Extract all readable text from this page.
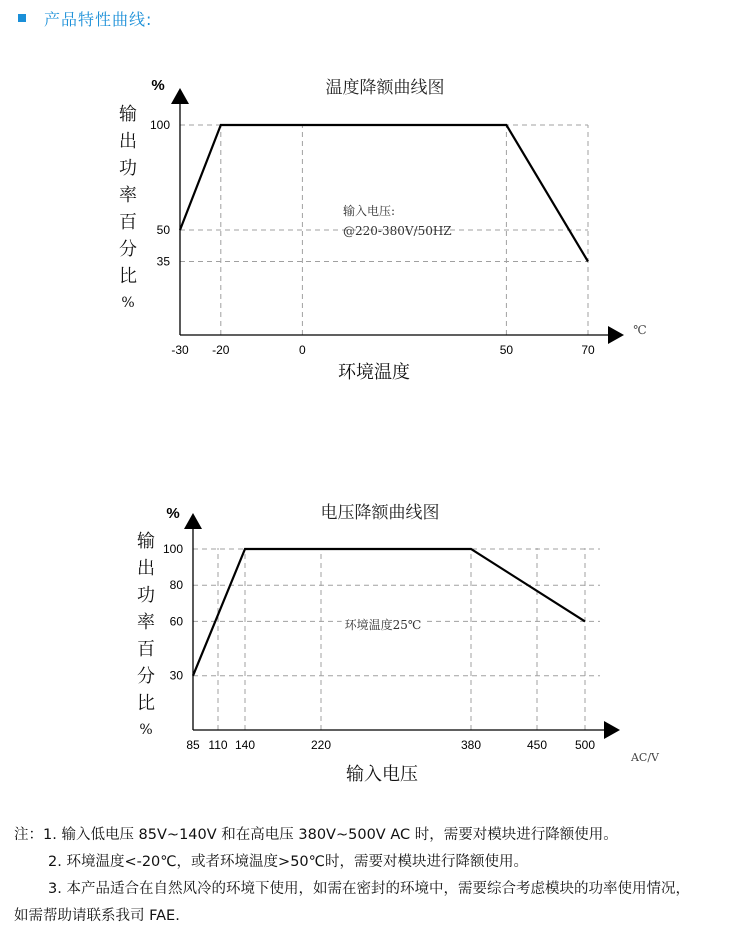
产品特性曲线:
温度降额曲线图
%
100
50
35
-30 -20	0	50	70
℃
输出功率百分比%
环境温度
输入电压:
@220-380V/50HZ
电压降额曲线图
%
100
80
60
30
85 110 140	220	380	450 500
AC/V
输出功率百分比%
输入电压
环境温度25℃
注：1. 输入低电压 85V~140V 和在高电压 380V~500V AC 时，需要对模块进行降额使用。
2. 环境温度<-20℃，或者环境温度>50℃时，需要对模块进行降额使用。
3. 本产品适合在自然风冷的环境下使用，如需在密封的环境中，需要综合考虑模块的功率使用情况，
如需帮助请联系我司 FAE.
